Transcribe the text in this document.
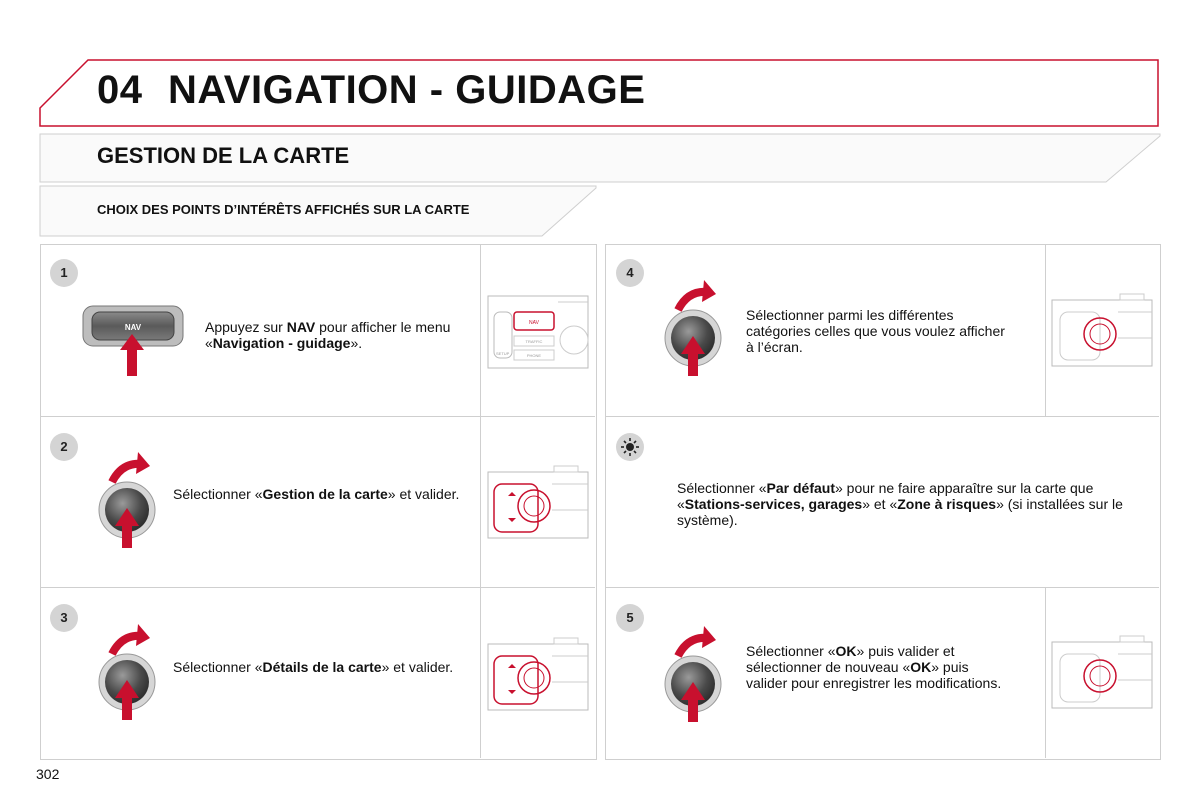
04 NAVIGATION - GUIDAGE
GESTION DE LA CARTE
CHOIX DES POINTS D’INTÉRÊTS AFFICHÉS SUR LA CARTE
1
NAV	Appuyez sur NAV pour afficher le menu «Navigation - guidage».
NAV
TRAFFIC
PHONE
SETUP
2
Sélectionner «Gestion de la carte» et valider.
3
Sélectionner «Détails de la carte» et valider.
4
Sélectionner parmi les différentes catégories celles que vous voulez afficher à l’écran.
Sélectionner «Par défaut» pour ne faire apparaître sur la carte que «Stations-services, garages» et «Zone à risques» (si installées sur le système).
5
Sélectionner «OK» puis valider et sélectionner de nouveau «OK» puis valider pour enregistrer les modifications.
302
